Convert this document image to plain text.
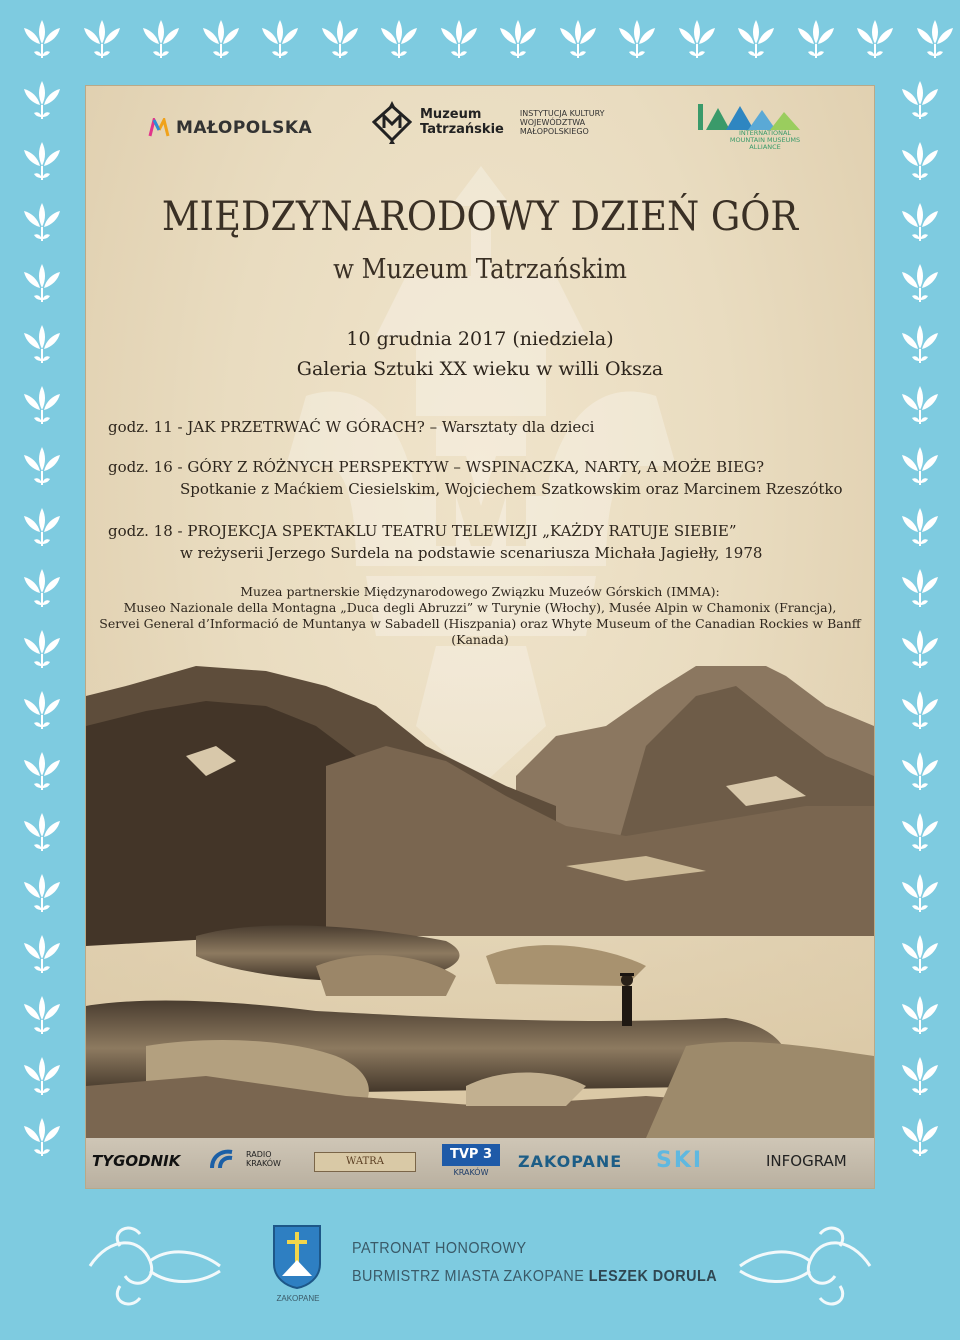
MAŁOPOLSKA
Muzeum
Tatrzańskie
INSTYTUCJA KULTURY
WOJEWÓDZTWA
MAŁOPOLSKIEGO	INTERNATIONAL
MOUNTAIN MUSEUMS
ALLIANCE
MIĘDZYNARODOWY DZIEŃ GÓR
w Muzeum Tatrzańskim
10 grudnia 2017 (niedziela)
Galeria Sztuki XX wieku w willi Oksza
godz. 11 - JAK PRZETRWAĆ W GÓRACH? – Warsztaty dla dzieci
godz. 16 - GÓRY Z RÓŻNYCH PERSPEKTYW – WSPINACZKA, NARTY, A MOŻE BIEG?
Spotkanie z Maćkiem Ciesielskim, Wojciechem Szatkowskim oraz Marcinem Rzeszótko
godz. 18 - PROJEKCJA SPEKTAKLU TEATRU TELEWIZJI „KAŻDY RATUJE SIEBIE”
w reżyserii Jerzego Surdela na podstawie scenariusza Michała Jagiełły, 1978
Muzea partnerskie Międzynarodowego Związku Muzeów Górskich (IMMA):
Museo Nazionale della Montagna „Duca degli Abruzzi” w Turynie (Włochy), Musée Alpin w Chamonix (Francja),
Servei General d’Informació de Muntanya w Sabadell (Hiszpania) oraz Whyte Museum of the Canadian Rockies w Banff (Kanada)
TYGODNIK	RADIO
KRAKÓW	WATRA	TVP 3
KRAKÓW
ZAKOPANE SKI	INFOGRAM
ZAKOPANE
PATRONAT HONOROWY
BURMISTRZ MIASTA ZAKOPANE LESZEK DORULA
